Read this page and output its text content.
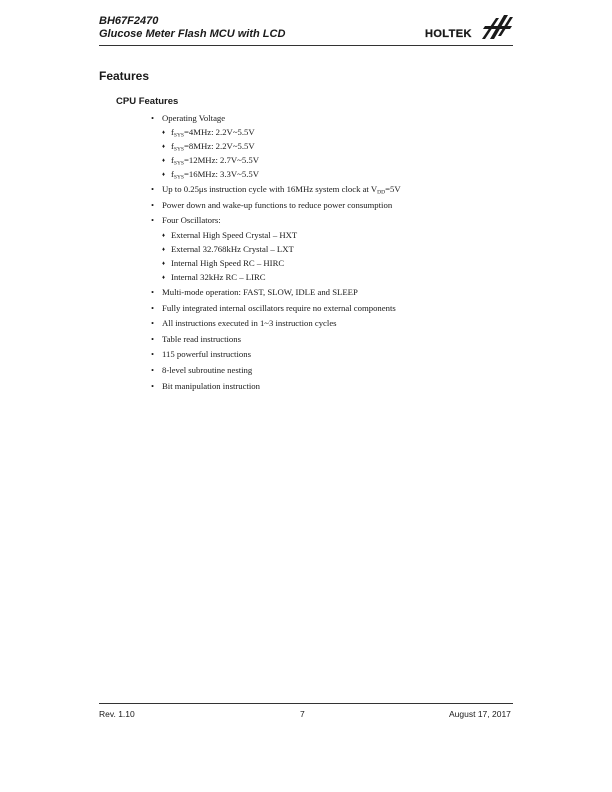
BH67F2470
Glucose Meter Flash MCU with LCD	HOLTEK
Features
CPU Features
• Operating Voltage
♦ $f_{SYS}=4MHz$: 2.2V~5.5V
♦ $f_{SYS}=8MHz$: 2.2V~5.5V
♦ $f_{SYS}=12MHz$: 2.7V~5.5V
♦ $f_{SYS}=16MHz$: 3.3V~5.5V
• Up to 0.25μs instruction cycle with 16MHz system clock at $V_{DD}=5V$
• Power down and wake-up functions to reduce power consumption
• Four Oscillators:
♦ External High Speed Crystal – HXT
♦ External 32.768kHz Crystal – LXT
♦ Internal High Speed RC – HIRC
♦ Internal 32kHz RC – LIRC
• Multi-mode operation: FAST, SLOW, IDLE and SLEEP
• Fully integrated internal oscillators require no external components
• All instructions executed in 1~3 instruction cycles
• Table read instructions
• 115 powerful instructions
• 8-level subroutine nesting
• Bit manipulation instruction
Rev. 1.10	7	August 17, 2017
